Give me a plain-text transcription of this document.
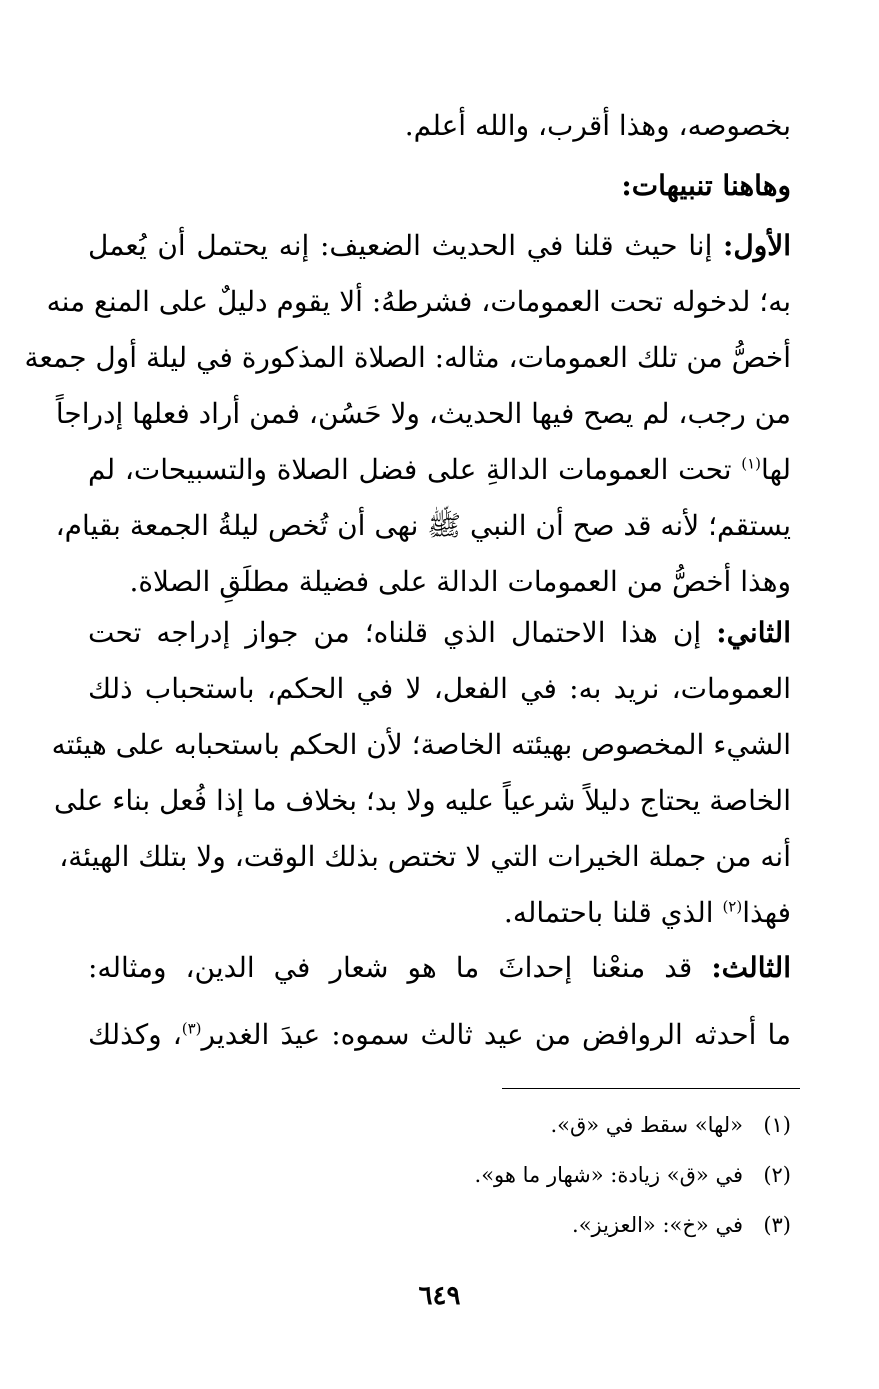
بخصوصه، وهذا أقرب، والله أعلم.
وهاهنا تنبيهات:
الأول: إنا حيث قلنا في الحديث الضعيف: إنه يحتمل أن يُعمل
به؛ لدخوله تحت العمومات، فشرطهُ: ألا يقوم دليلٌ على المنع منه
أخصُّ من تلك العمومات، مثاله: الصلاة المذكورة في ليلة أول جمعة
من رجب، لم يصح فيها الحديث، ولا حَسُن، فمن أراد فعلها إدراجاً
لها$^{(١)}$ تحت العمومات الدالةِ على فضل الصلاة والتسبيحات، لم
يستقم؛ لأنه قد صح أن النبي ﷺ نهى أن تُخص ليلةُ الجمعة بقيام،
وهذا أخصُّ من العمومات الدالة على فضيلة مطلَقِ الصلاة.
الثاني: إن هذا الاحتمال الذي قلناه؛ من جواز إدراجه تحت
العمومات، نريد به: في الفعل، لا في الحكم، باستحباب ذلك
الشيء المخصوص بهيئته الخاصة؛ لأن الحكم باستحبابه على هيئته
الخاصة يحتاج دليلاً شرعياً عليه ولا بد؛ بخلاف ما إذا فُعل بناء على
أنه من جملة الخيرات التي لا تختص بذلك الوقت، ولا بتلك الهيئة،
فهذا$^{(٢)}$ الذي قلنا باحتماله.
الثالث: قد منعْنا إحداثَ ما هو شعار في الدين، ومثاله:
ما أحدثه الروافض من عيد ثالث سموه: عيدَ الغدير$^{(٣)}$، وكذلك
(١)«لها» سقط في «ق».
(٢)في «ق» زيادة: «شهار ما هو».
(٣)في «خ»: «العزيز».
٦٤٩
